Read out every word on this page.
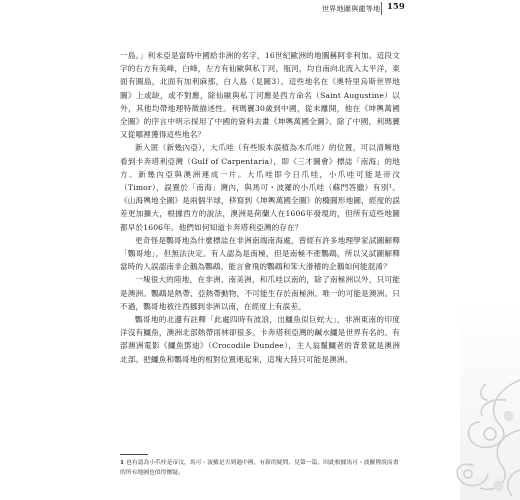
世界地圖與龍等地 159

一島。」利未亞是當時中國給非洲的名字，16世紀歐洲的地圖稱阿非利加。這段文字的右方有美峰，白峰，左方有仙歐與私丁河，瓶河，均自南向北流入太平洋，東面有圓島，北面有加利麻那，白人島（見圖3）。這些地名在《奧特里烏斯世界地圖》上或缺，或不對應，除仙歐與私丁河應是西方命名（Saint Augustine）以外，其他均帶地理特徵描述性。利瑪竇30歲到中國，從未離開，他在《坤輿萬國全圖》的序言中明示採用了中國的資料去畫《坤輿萬國全圖》。除了中國，利瑪竇又從哪裡獲得這些地名？

新入匿（新幾內亞），大爪哇（有些版本誤植為木爪哇）的位置，可以清晰地看到卡奔塔利亞灣（Gulf of Carpentaria），即《三才圖會》標誌「南海」的地方。新幾內亞與澳洲連成一片。大爪哇即今日爪哇，小爪哇可能是帝汶（Timor），誤置於「南海」灣內，與馬可・波羅的小爪哇（蘇門答臘）有別¹。《山海輿地全圖》是兩個半球，移寫到《坤輿萬國全圖》的橢圓形地圖，經度的誤差更加擴大，根據西方的說法，澳洲是荷蘭人在1606年發現的，但所有這些地圖都早於1606年。他們如何知道卡奔塔利亞灣的存在？

更奇怪是鸚哥地為什麼標誌在非洲南端南海處，曾經有許多地理學家試圖解釋「鸚哥地」，但無法決定。有人認為是南極，但是南極不產鸚鵡，所以又試圖解釋當時的人誤認南非企鵝為鸚鵡。能言會飛的鸚鵡和笨大滑稽的企鵝如何能混淆？

一塊很大的陸地，在非洲、南美洲，和爪哇以南的，除了南極洲以外，只可能是澳洲。鸚鵡是熱帶、亞熱帶動物，不可能生存於南極洲。唯一的可能是澳洲。只不過，鸚哥地被往西挪到非洲以南，在經度上有誤差。

鸚哥地的北邊有註釋「此處四時有波浪，出鱷魚似巨蛇大」，非洲東南的印度洋沒有鱷魚，澳洲北部熱帶雨林卻很多。卡奔塔利亞灣的鹹水鱷是世界有名的。有部澳洲電影《鱷魚鄧迪》（Crocodile Dundee），主人翁鬣鱷者的背景就是澳洲北部。把鱷魚和鸚哥地的相對位置連起來，這塊大陸只可能是澳洲。

1 也有認為小爪哇是帝汶，馬可・波羅是否到過中國，有新的疑問，見第一篇，因此根據馬可・波羅傳說而畫的所有地圖也值得懷疑。
